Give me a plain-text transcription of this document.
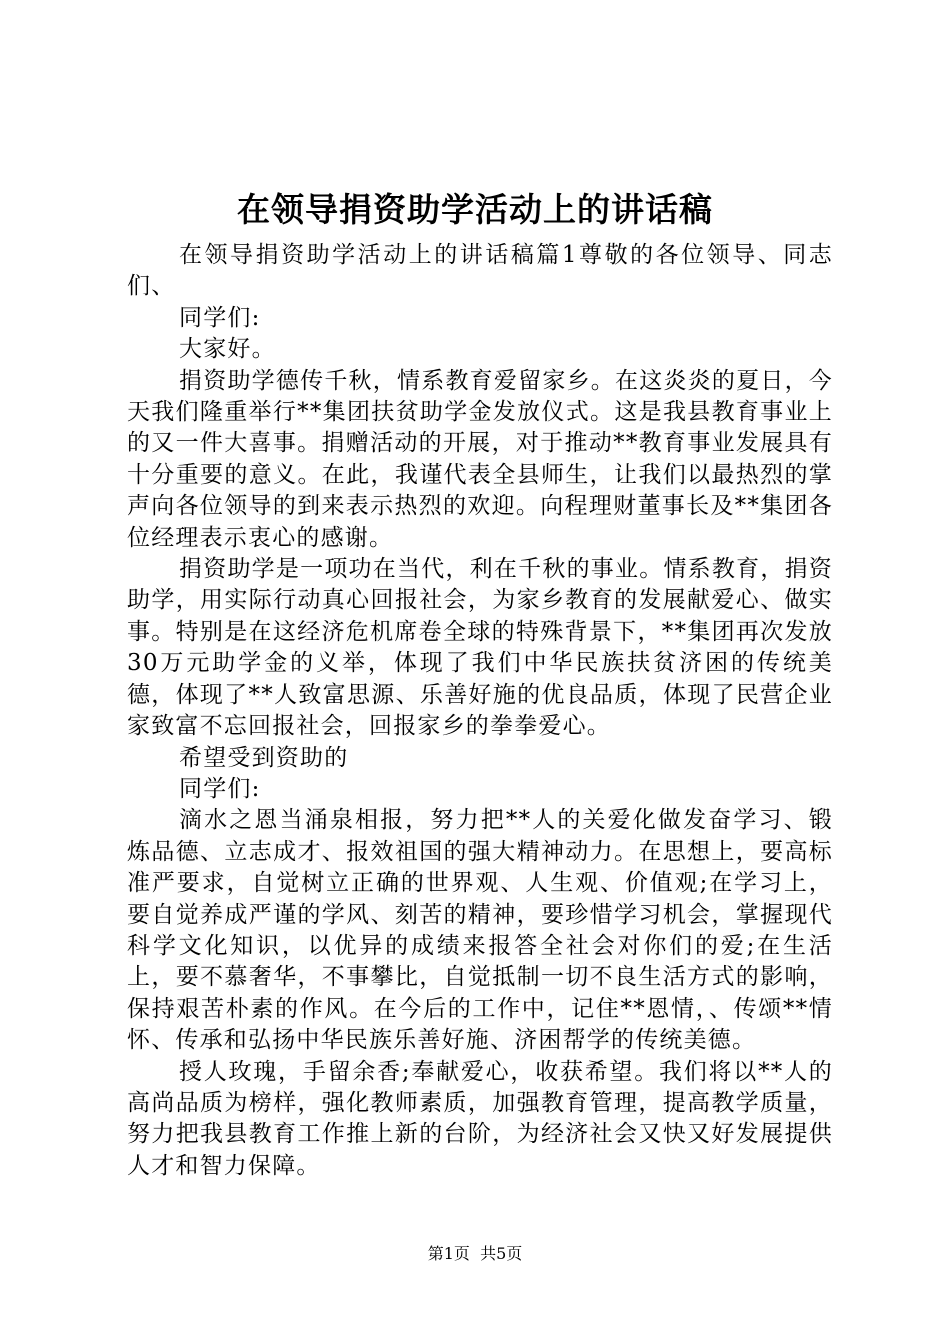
在领导捐资助学活动上的讲话稿

在领导捐资助学活动上的讲话稿篇1尊敬的各位领导、同志们、

同学们:

大家好。

捐资助学德传千秋，情系教育爱留家乡。在这炎炎的夏日，今天我们隆重举行**集团扶贫助学金发放仪式。这是我县教育事业上的又一件大喜事。捐赠活动的开展，对于推动**教育事业发展具有十分重要的意义。在此，我谨代表全县师生，让我们以最热烈的掌声向各位领导的到来表示热烈的欢迎。向程理财董事长及**集团各位经理表示衷心的感谢。

捐资助学是一项功在当代，利在千秋的事业。情系教育，捐资助学，用实际行动真心回报社会，为家乡教育的发展献爱心、做实事。特别是在这经济危机席卷全球的特殊背景下，**集团再次发放30万元助学金的义举，体现了我们中华民族扶贫济困的传统美德，体现了**人致富思源、乐善好施的优良品质，体现了民营企业家致富不忘回报社会，回报家乡的拳拳爱心。

希望受到资助的

同学们:

滴水之恩当涌泉相报，努力把**人的关爱化做发奋学习、锻炼品德、立志成才、报效祖国的强大精神动力。在思想上，要高标准严要求，自觉树立正确的世界观、人生观、价值观;在学习上，要自觉养成严谨的学风、刻苦的精神，要珍惜学习机会，掌握现代科学文化知识，以优异的成绩来报答全社会对你们的爱;在生活上，要不慕奢华，不事攀比，自觉抵制一切不良生活方式的影响，保持艰苦朴素的作风。在今后的工作中，记住**恩情，、传颂**情怀、传承和弘扬中华民族乐善好施、济困帮学的传统美德。

授人玫瑰，手留余香;奉献爱心，收获希望。我们将以**人的高尚品质为榜样，强化教师素质，加强教育管理，提高教学质量，努力把我县教育工作推上新的台阶，为经济社会又快又好发展提供人才和智力保障。

第1页 共5页
